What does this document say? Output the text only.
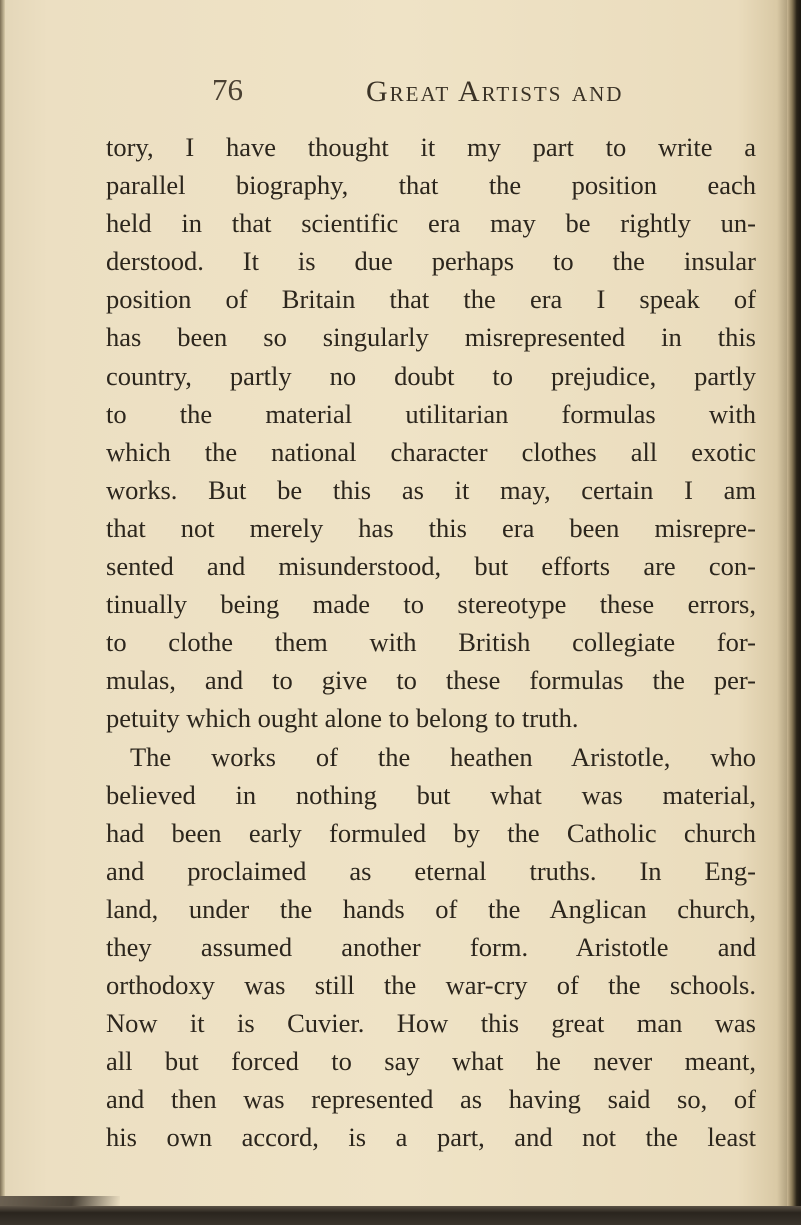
76	Great Artists and
tory, I have thought it my part to write a
parallel biography, that the position each
held in that scientific era may be rightly un-
derstood. It is due perhaps to the insular
position of Britain that the era I speak of
has been so singularly misrepresented in this
country, partly no doubt to prejudice, partly
to the material utilitarian formulas with
which the national character clothes all exotic
works. But be this as it may, certain I am
that not merely has this era been misrepre-
sented and misunderstood, but efforts are con-
tinually being made to stereotype these errors,
to clothe them with British collegiate for-
mulas, and to give to these formulas the per-
petuity which ought alone to belong to truth.
The works of the heathen Aristotle, who
believed in nothing but what was material,
had been early formuled by the Catholic church
and proclaimed as eternal truths. In Eng-
land, under the hands of the Anglican church,
they assumed another form. Aristotle and
orthodoxy was still the war-cry of the schools.
Now it is Cuvier. How this great man was
all but forced to say what he never meant,
and then was represented as having said so, of
his own accord, is a part, and not the least
